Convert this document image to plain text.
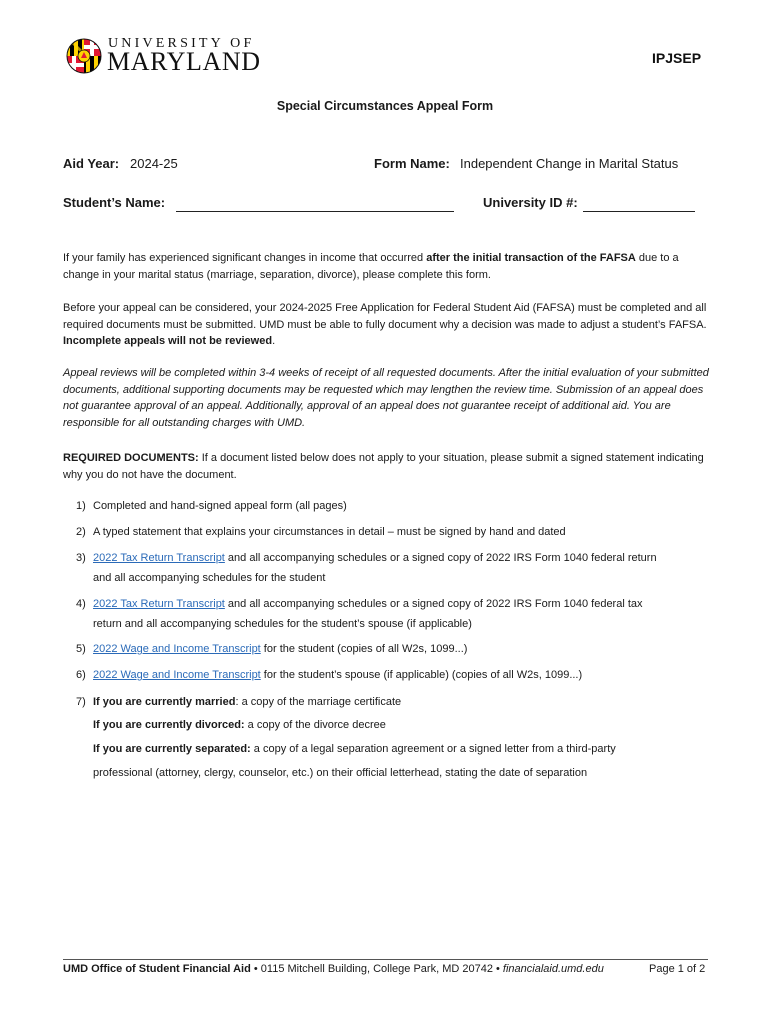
UNIVERSITY OF
MARYLAND	IPJSEP
Special Circumstances Appeal Form
Aid Year: 2024-25	Form Name: Independent Change in Marital Status
Student’s Name:	University ID #:
If your family has experienced significant changes in income that occurred after the initial transaction of the FAFSA due to a change in your marital status (marriage, separation, divorce), please complete this form.
Before your appeal can be considered, your 2024-2025 Free Application for Federal Student Aid (FAFSA) must be completed and all required documents must be submitted. UMD must be able to fully document why a decision was made to adjust a student’s FAFSA. Incomplete appeals will not be reviewed.
Appeal reviews will be completed within 3-4 weeks of receipt of all requested documents. After the initial evaluation of your submitted documents, additional supporting documents may be requested which may lengthen the review time. Submission of an appeal does not guarantee approval of an appeal. Additionally, approval of an appeal does not guarantee receipt of additional aid. You are responsible for all outstanding charges with UMD.
REQUIRED DOCUMENTS: If a document listed below does not apply to your situation, please submit a signed statement indicating why you do not have the document.
1) Completed and hand-signed appeal form (all pages)
2) A typed statement that explains your circumstances in detail – must be signed by hand and dated
3) 2022 Tax Return Transcript and all accompanying schedules or a signed copy of 2022 IRS Form 1040 federal return
and all accompanying schedules for the student
4) 2022 Tax Return Transcript and all accompanying schedules or a signed copy of 2022 IRS Form 1040 federal tax
return and all accompanying schedules for the student’s spouse (if applicable)
5) 2022 Wage and Income Transcript for the student (copies of all W2s, 1099...)
6) 2022 Wage and Income Transcript for the student’s spouse (if applicable) (copies of all W2s, 1099...)
7) If you are currently married: a copy of the marriage certificate
If you are currently divorced: a copy of the divorce decree
If you are currently separated: a copy of a legal separation agreement or a signed letter from a third-party
professional (attorney, clergy, counselor, etc.) on their official letterhead, stating the date of separation
UMD Office of Student Financial Aid • 0115 Mitchell Building, College Park, MD 20742 • financialaid.umd.edu	Page 1 of 2
